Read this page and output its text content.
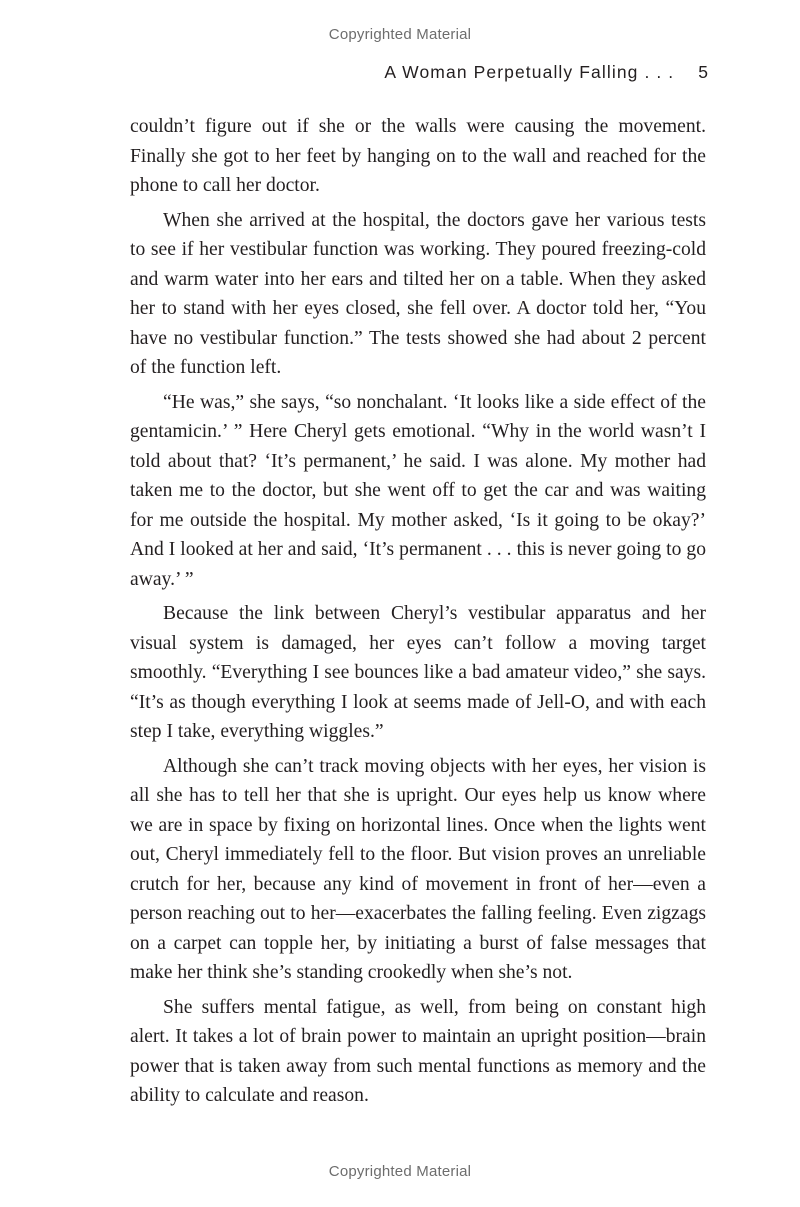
Copyrighted Material
A Woman Perpetually Falling . . . 5

couldn’t figure out if she or the walls were causing the movement. Finally she got to her feet by hanging on to the wall and reached for the phone to call her doctor.

When she arrived at the hospital, the doctors gave her various tests to see if her vestibular function was working. They poured freezing-cold and warm water into her ears and tilted her on a table. When they asked her to stand with her eyes closed, she fell over. A doctor told her, “You have no vestibular function.” The tests showed she had about 2 percent of the function left.

“He was,” she says, “so nonchalant. ‘It looks like a side effect of the gentamicin.’ ” Here Cheryl gets emotional. “Why in the world wasn’t I told about that? ‘It’s permanent,’ he said. I was alone. My mother had taken me to the doctor, but she went off to get the car and was waiting for me outside the hospital. My mother asked, ‘Is it going to be okay?’ And I looked at her and said, ‘It’s permanent . . . this is never going to go away.’ ”

Because the link between Cheryl’s vestibular apparatus and her visual system is damaged, her eyes can’t follow a moving target smoothly. “Everything I see bounces like a bad amateur video,” she says. “It’s as though everything I look at seems made of Jell-O, and with each step I take, everything wiggles.”

Although she can’t track moving objects with her eyes, her vision is all she has to tell her that she is upright. Our eyes help us know where we are in space by fixing on horizontal lines. Once when the lights went out, Cheryl immediately fell to the floor. But vision proves an unreliable crutch for her, because any kind of movement in front of her—even a person reaching out to her—exacerbates the falling feeling. Even zigzags on a carpet can topple her, by initiating a burst of false messages that make her think she’s standing crookedly when she’s not.

She suffers mental fatigue, as well, from being on constant high alert. It takes a lot of brain power to maintain an upright position—brain power that is taken away from such mental functions as memory and the ability to calculate and reason.

Copyrighted Material
